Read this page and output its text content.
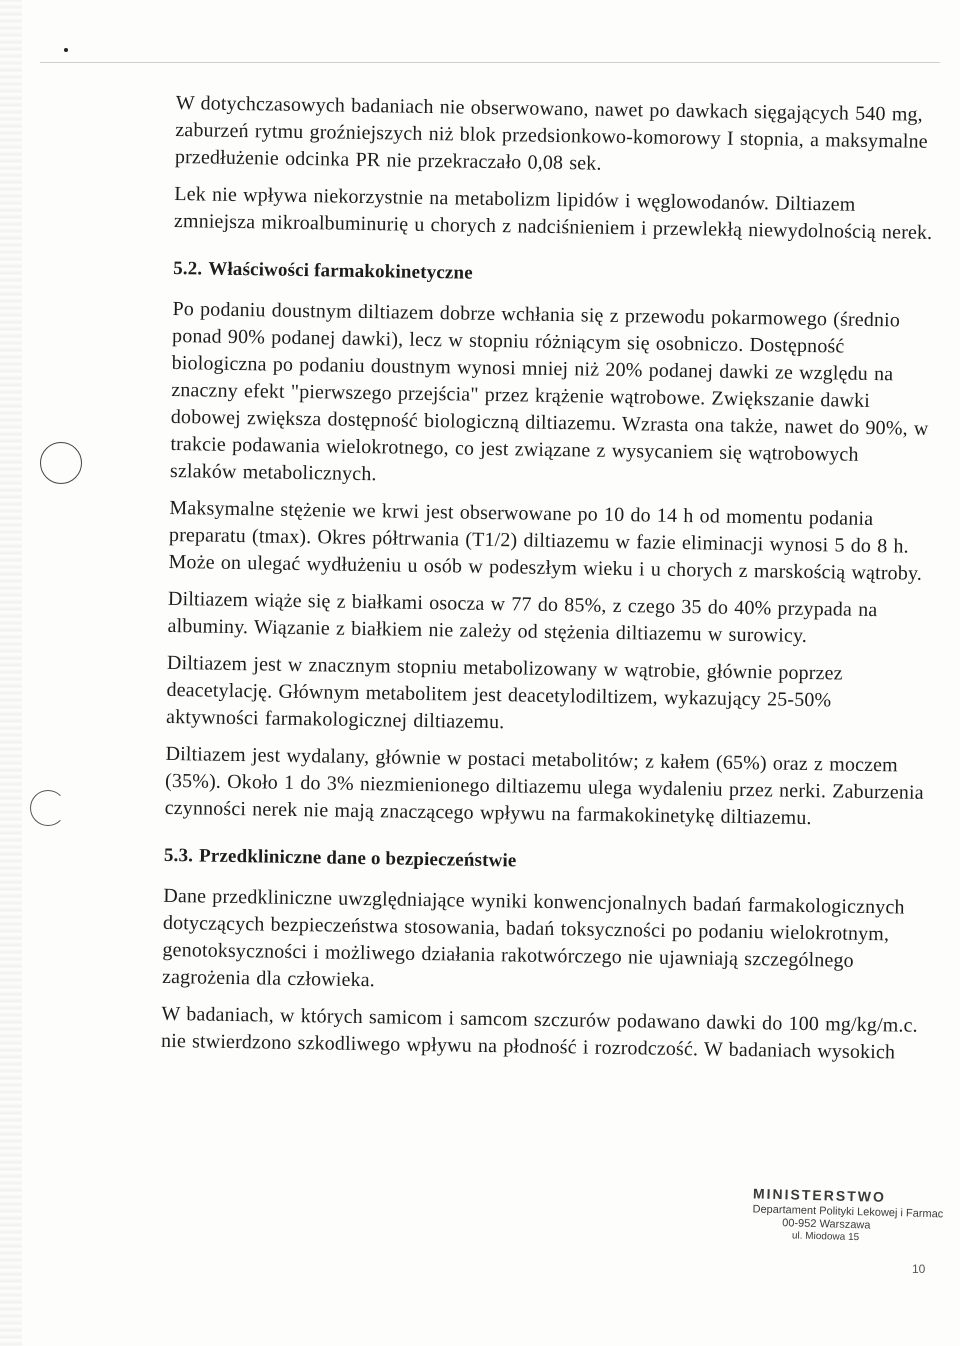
W dotychczasowych badaniach nie obserwowano, nawet po dawkach sięgających 540 mg, zaburzeń rytmu groźniejszych niż blok przedsionkowo-komorowy I stopnia, a maksymalne przedłużenie odcinka PR nie przekraczało 0,08 sek.

Lek nie wpływa niekorzystnie na metabolizm lipidów i węglowodanów. Diltiazem zmniejsza mikroalbuminurię u chorych z nadciśnieniem i przewlekłą niewydolnością nerek.

5.2. Właściwości farmakokinetyczne

Po podaniu doustnym diltiazem dobrze wchłania się z przewodu pokarmowego (średnio ponad 90% podanej dawki), lecz w stopniu różniącym się osobniczo. Dostępność biologiczna po podaniu doustnym wynosi mniej niż 20% podanej dawki ze względu na znaczny efekt "pierwszego przejścia" przez krążenie wątrobowe. Zwiększanie dawki dobowej zwiększa dostępność biologiczną diltiazemu. Wzrasta ona także, nawet do 90%, w trakcie podawania wielokrotnego, co jest związane z wysycaniem się wątrobowych szlaków metabolicznych.

Maksymalne stężenie we krwi jest obserwowane po 10 do 14 h od momentu podania preparatu (tmax). Okres półtrwania (T1/2) diltiazemu w fazie eliminacji wynosi 5 do 8 h. Może on ulegać wydłużeniu u osób w podeszłym wieku i u chorych z marskością wątroby.

Diltiazem wiąże się z białkami osocza w 77 do 85%, z czego 35 do 40% przypada na albuminy. Wiązanie z białkiem nie zależy od stężenia diltiazemu w surowicy.

Diltiazem jest w znacznym stopniu metabolizowany w wątrobie, głównie poprzez deacetylację. Głównym metabolitem jest deacetylodiltizem, wykazujący 25-50% aktywności farmakologicznej diltiazemu.

Diltiazem jest wydalany, głównie w postaci metabolitów; z kałem (65%) oraz z moczem (35%). Około 1 do 3% niezmienionego diltiazemu ulega wydaleniu przez nerki. Zaburzenia czynności nerek nie mają znaczącego wpływu na farmakokinetykę diltiazemu.

5.3. Przedkliniczne dane o bezpieczeństwie

Dane przedkliniczne uwzględniające wyniki konwencjonalnych badań farmakologicznych dotyczących bezpieczeństwa stosowania, badań toksyczności po podaniu wielokrotnym, genotoksyczności i możliwego działania rakotwórczego nie ujawniają szczególnego zagrożenia dla człowieka.

W badaniach, w których samicom i samcom szczurów podawano dawki do 100 mg/kg/m.c. nie stwierdzono szkodliwego wpływu na płodność i rozrodczość. W badaniach wysokich

MINISTERSTWO
Departament Polityki Lekowej i Farmac
00-952 Warszawa
ul. Miodowa 15
10
